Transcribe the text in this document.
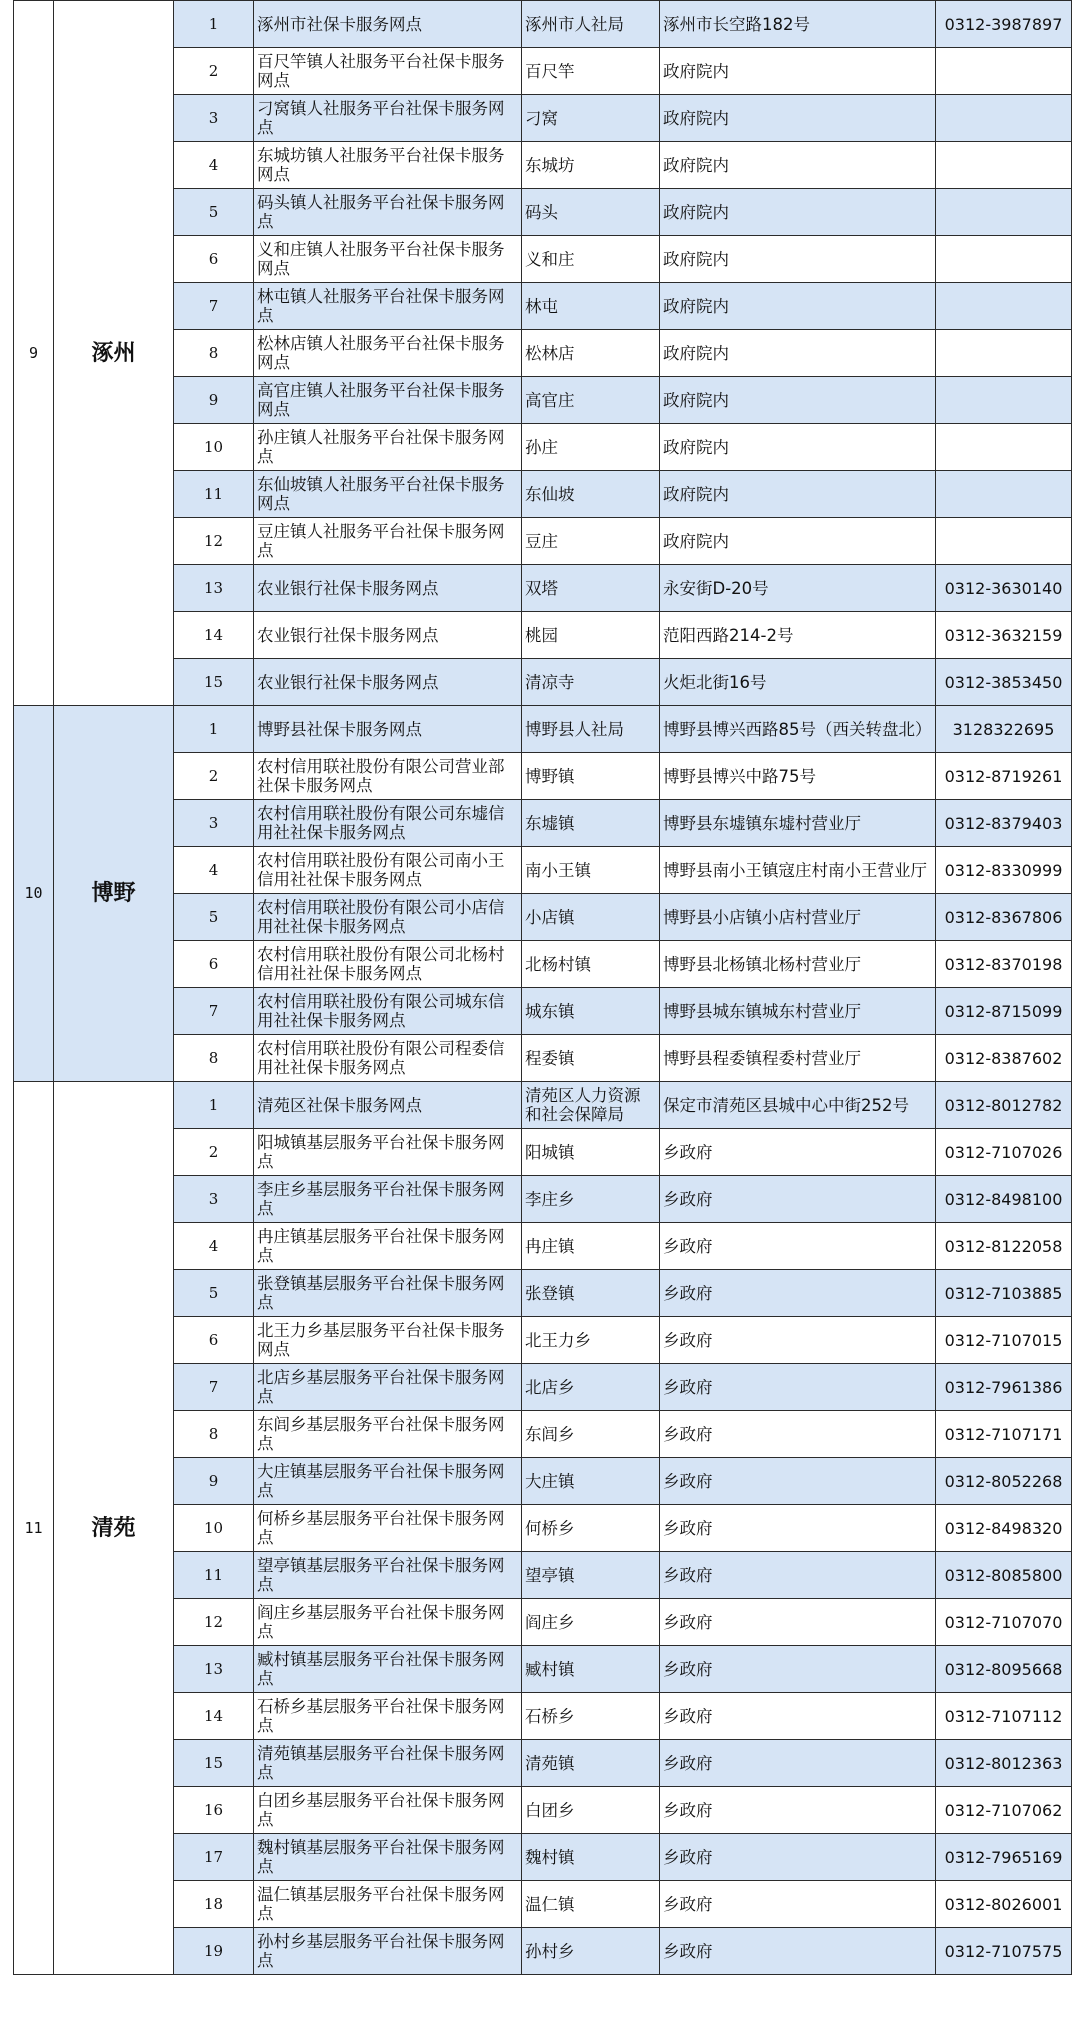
9	涿州	1	涿州市社保卡服务网点	涿州市人社局	涿州市长空路182号	0312-3987897
		2	百尺竿镇人社服务平台社保卡服务网点	百尺竿	政府院内	
		3	刁窝镇人社服务平台社保卡服务网点	刁窝	政府院内	
		4	东城坊镇人社服务平台社保卡服务网点	东城坊	政府院内	
		5	码头镇人社服务平台社保卡服务网点	码头	政府院内	
		6	义和庄镇人社服务平台社保卡服务网点	义和庄	政府院内	
		7	林屯镇人社服务平台社保卡服务网点	林屯	政府院内	
		8	松林店镇人社服务平台社保卡服务网点	松林店	政府院内	
		9	高官庄镇人社服务平台社保卡服务网点	高官庄	政府院内	
		10	孙庄镇人社服务平台社保卡服务网点	孙庄	政府院内	
		11	东仙坡镇人社服务平台社保卡服务网点	东仙坡	政府院内	
		12	豆庄镇人社服务平台社保卡服务网点	豆庄	政府院内	
		13	农业银行社保卡服务网点	双塔	永安街D-20号	0312-3630140
		14	农业银行社保卡服务网点	桃园	范阳西路214-2号	0312-3632159
		15	农业银行社保卡服务网点	清凉寺	火炬北街16号	0312-3853450
10	博野	1	博野县社保卡服务网点	博野县人社局	博野县博兴西路85号（西关转盘北）	3128322695
		2	农村信用联社股份有限公司营业部社保卡服务网点	博野镇	博野县博兴中路75号	0312-8719261
		3	农村信用联社股份有限公司东墟信用社社保卡服务网点	东墟镇	博野县东墟镇东墟村营业厅	0312-8379403
		4	农村信用联社股份有限公司南小王信用社社保卡服务网点	南小王镇	博野县南小王镇寇庄村南小王营业厅	0312-8330999
		5	农村信用联社股份有限公司小店信用社社保卡服务网点	小店镇	博野县小店镇小店村营业厅	0312-8367806
		6	农村信用联社股份有限公司北杨村信用社社保卡服务网点	北杨村镇	博野县北杨镇北杨村营业厅	0312-8370198
		7	农村信用联社股份有限公司城东信用社社保卡服务网点	城东镇	博野县城东镇城东村营业厅	0312-8715099
		8	农村信用联社股份有限公司程委信用社社保卡服务网点	程委镇	博野县程委镇程委村营业厅	0312-8387602
11	清苑	1	清苑区社保卡服务网点	清苑区人力资源和社会保障局	保定市清苑区县城中心中街252号	0312-8012782
		2	阳城镇基层服务平台社保卡服务网点	阳城镇	乡政府	0312-7107026
		3	李庄乡基层服务平台社保卡服务网点	李庄乡	乡政府	0312-8498100
		4	冉庄镇基层服务平台社保卡服务网点	冉庄镇	乡政府	0312-8122058
		5	张登镇基层服务平台社保卡服务网点	张登镇	乡政府	0312-7103885
		6	北王力乡基层服务平台社保卡服务网点	北王力乡	乡政府	0312-7107015
		7	北店乡基层服务平台社保卡服务网点	北店乡	乡政府	0312-7961386
		8	东闾乡基层服务平台社保卡服务网点	东闾乡	乡政府	0312-7107171
		9	大庄镇基层服务平台社保卡服务网点	大庄镇	乡政府	0312-8052268
		10	何桥乡基层服务平台社保卡服务网点	何桥乡	乡政府	0312-8498320
		11	望亭镇基层服务平台社保卡服务网点	望亭镇	乡政府	0312-8085800
		12	阎庄乡基层服务平台社保卡服务网点	阎庄乡	乡政府	0312-7107070
		13	臧村镇基层服务平台社保卡服务网点	臧村镇	乡政府	0312-8095668
		14	石桥乡基层服务平台社保卡服务网点	石桥乡	乡政府	0312-7107112
		15	清苑镇基层服务平台社保卡服务网点	清苑镇	乡政府	0312-8012363
		16	白团乡基层服务平台社保卡服务网点	白团乡	乡政府	0312-7107062
		17	魏村镇基层服务平台社保卡服务网点	魏村镇	乡政府	0312-7965169
		18	温仁镇基层服务平台社保卡服务网点	温仁镇	乡政府	0312-8026001
		19	孙村乡基层服务平台社保卡服务网点	孙村乡	乡政府	0312-7107575
